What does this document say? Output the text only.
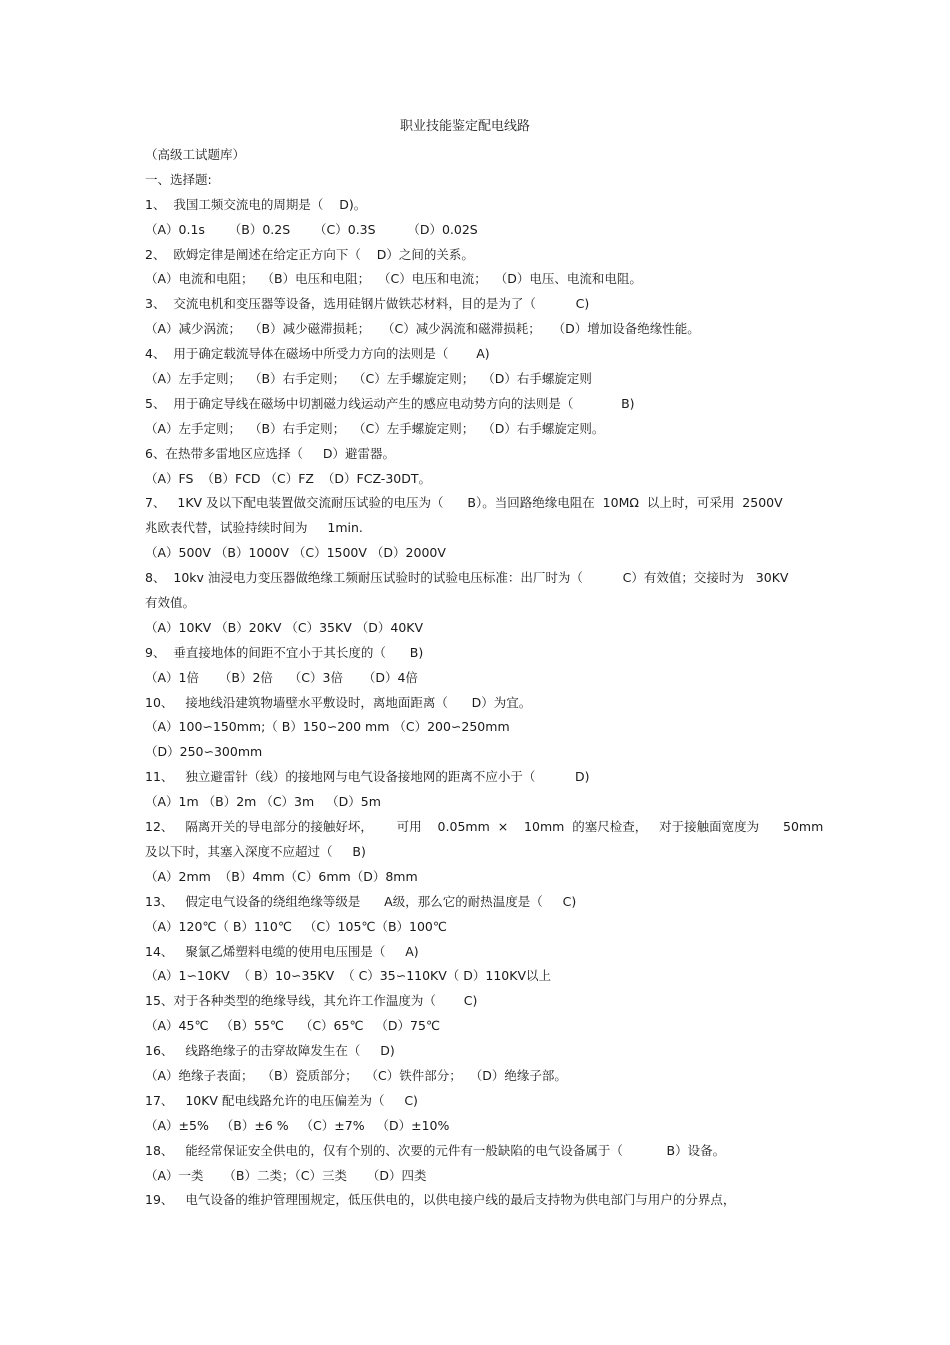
职业技能鉴定配电线路
（高级工试题库）
一、选择题:
1、  我国工频交流电的周期是（    D)。
（A）0.1s      （B）0.2S      （C）0.3S        （D）0.02S
2、  欧姆定律是阐述在给定正方向下（    D）之间的关系。
（A）电流和电阻；  （B）电压和电阻；  （C）电压和电流；  （D）电压、电流和电阻。
3、  交流电机和变压器等设备，选用硅钢片做铁芯材料，目的是为了（          C)
（A）减少涡流；  （B）减少磁滞损耗；   （C）减少涡流和磁滞损耗；   （D）增加设备绝缘性能。
4、  用于确定载流导体在磁场中所受力方向的法则是（       A)
（A）左手定则；  （B）右手定则；  （C）左手螺旋定则；  （D）右手螺旋定则
5、  用于确定导线在磁场中切割磁力线运动产生的感应电动势方向的法则是（            B)
（A）左手定则；  （B）右手定则；  （C）左手螺旋定则；  （D）右手螺旋定则。
6、在热带多雷地区应选择（     D）避雷器。
（A）FS  （B）FCD （C）FZ  （D）FCZ-30DT。
7、   1KV 及以下配电装置做交流耐压试验的电压为（      B）。当回路绝缘电阻在  10MΩ  以上时，可采用  2500V
兆欧表代替，试验持续时间为     1min.
（A）500V （B）1000V （C）1500V （D）2000V
8、  10kv 油浸电力变压器做绝缘工频耐压试验时的试验电压标准：出厂时为（          C）有效值；交接时为   30KV
有效值。
（A）10KV （B）20KV （C）35KV （D）40KV
9、  垂直接地体的间距不宜小于其长度的（      B)
（A）1倍     （B）2倍    （C）3倍     （D）4倍
10、   接地线沿建筑物墙壁水平敷设时，离地面距离（      D）为宜。
（A）100∽150mm;（ B）150∽200 mm （C）200∽250mm
（D）250∽300mm
11、   独立避雷针（线）的接地网与电气设备接地网的距离不应小于（          D)
（A）1m （B）2m （C）3m   （D）5m
12、   隔离开关的导电部分的接触好坏，      可用    0.05mm  ×    10mm  的塞尺检查，   对于接触面宽度为      50mm
及以下时，其塞入深度不应超过（     B)
（A）2mm  （B）4mm（C）6mm（D）8mm
13、   假定电气设备的绕组绝缘等级是      A级，那么它的耐热温度是（     C)
（A）120℃（ B）110℃   （C）105℃（B）100℃
14、   聚氯乙烯塑料电缆的使用电压围是（     A)
（A）1∽10KV  （ B）10∽35KV  （ C）35∽110KV（ D）110KV以上
15、对于各种类型的绝缘导线，其允许工作温度为（       C)
（A）45℃   （B）55℃    （C）65℃   （D）75℃
16、   线路绝缘子的击穿故障发生在（     D)
（A）绝缘子表面；  （B）瓷质部分；  （C）铁件部分；  （D）绝缘子部。
17、   10KV 配电线路允许的电压偏差为（     C)
（A）±5%   （B）±6 %   （C）±7%   （D）±10%
18、   能经常保证安全供电的，仅有个别的、次要的元件有一般缺陷的电气设备属于（           B）设备。
（A）一类     （B）二类；（C）三类     （D）四类
19、   电气设备的维护管理围规定，低压供电的，以供电接户线的最后支持物为供电部门与用户的分界点，
